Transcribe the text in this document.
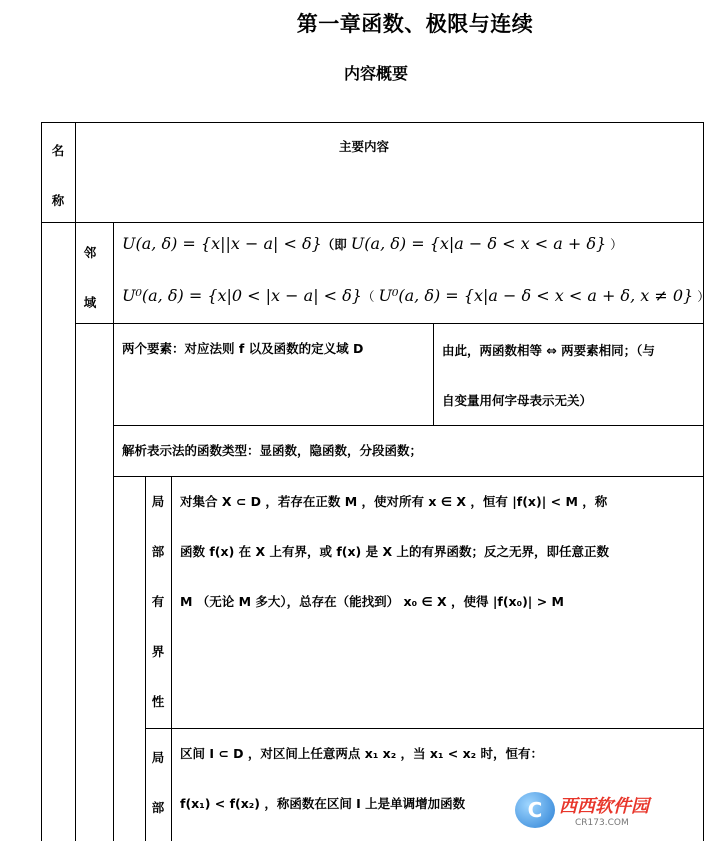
第一章函数、极限与连续
内容概要
名
称
主要内容
邻
域
U(a, δ) = {x||x − a| < δ}（即 U(a, δ) = {x|a − δ < x < a + δ} ）
U⁰(a, δ) = {x|0 < |x − a| < δ}（ U⁰(a, δ) = {x|a − δ < x < a + δ, x ≠ 0} ）
两个要素：对应法则 f 以及函数的定义域 D	由此，两函数相等 ⇔ 两要素相同；（与
自变量用何字母表示无关）
解析表示法的函数类型：显函数，隐函数，分段函数；
局
部
有
界
性
对集合 X ⊂ D ，若存在正数 M ，使对所有 x ∈ X ，恒有 |f(x)| < M ，称
函数 f(x) 在 X 上有界，或 f(x) 是 X 上的有界函数；反之无界，即任意正数
M （无论 M 多大），总存在（能找到） x₀ ∈ X ，使得 |f(x₀)| > M
局
部
区间 I ⊂ D ，对区间上任意两点 x₁ x₂ ，当 x₁ < x₂ 时，恒有：
f(x₁) < f(x₂) ，称函数在区间 I 上是单调增加函数	C 西西软件园
CR173.COM
